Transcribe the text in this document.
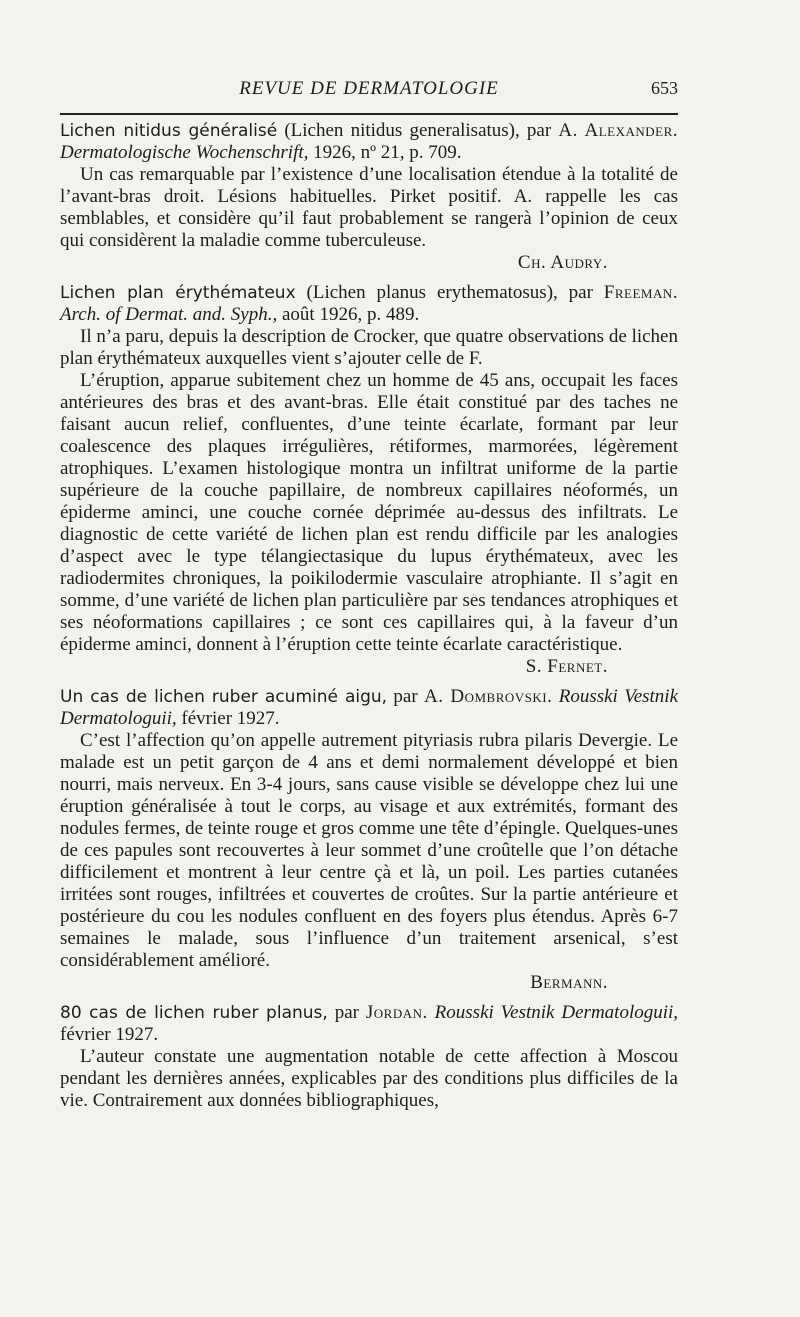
REVUE DE DERMATOLOGIE	653

Lichen nitidus généralisé (Lichen nitidus generalisatus), par A. Alexander. Dermatologische Wochenschrift, 1926, nº 21, p. 709.

Un cas remarquable par l’existence d’une localisation étendue à la totalité de l’avant-bras droit. Lésions habituelles. Pirket positif. A. rappelle les cas semblables, et considère qu’il faut probablement se rangerà l’opinion de ceux qui considèrent la maladie comme tuberculeuse.

Ch. Audry.

Lichen plan érythémateux (Lichen planus erythematosus), par Freeman. Arch. of Dermat. and. Syph., août 1926, p. 489.

Il n’a paru, depuis la description de Crocker, que quatre observations de lichen plan érythémateux auxquelles vient s’ajouter celle de F.

L’éruption, apparue subitement chez un homme de 45 ans, occupait les faces antérieures des bras et des avant-bras. Elle était constitué par des taches ne faisant aucun relief, confluentes, d’une teinte écarlate, formant par leur coalescence des plaques irrégulières, rétiformes, marmorées, légèrement atrophiques. L’examen histologique montra un infiltrat uniforme de la partie supérieure de la couche papillaire, de nombreux capillaires néoformés, un épiderme aminci, une couche cornée déprimée au-dessus des infiltrats. Le diagnostic de cette variété de lichen plan est rendu difficile par les analogies d’aspect avec le type télangiectasique du lupus érythémateux, avec les radiodermites chroniques, la poikilodermie vasculaire atrophiante. Il s’agit en somme, d’une variété de lichen plan particulière par ses tendances atrophiques et ses néoformations capillaires ; ce sont ces capillaires qui, à la faveur d’un épiderme aminci, donnent à l’éruption cette teinte écarlate caractéristique.

S. Fernet.

Un cas de lichen ruber acuminé aigu, par A. Dombrovski. Rousski Vestnik Dermatologuii, février 1927.

C’est l’affection qu’on appelle autrement pityriasis rubra pilaris Devergie. Le malade est un petit garçon de 4 ans et demi normalement développé et bien nourri, mais nerveux. En 3-4 jours, sans cause visible se développe chez lui une éruption généralisée à tout le corps, au visage et aux extrémités, formant des nodules fermes, de teinte rouge et gros comme une tête d’épingle. Quelques-unes de ces papules sont recouvertes à leur sommet d’une croûtelle que l’on détache difficilement et montrent à leur centre çà et là, un poil. Les parties cutanées irritées sont rouges, infiltrées et couvertes de croûtes. Sur la partie antérieure et postérieure du cou les nodules confluent en des foyers plus étendus. Après 6-7 semaines le malade, sous l’influence d’un traitement arsenical, s’est considérablement amélioré.

Bermann.

80 cas de lichen ruber planus, par Jordan. Rousski Vestnik Dermatologuii, février 1927.

L’auteur constate une augmentation notable de cette affection à Moscou pendant les dernières années, explicables par des conditions plus difficiles de la vie. Contrairement aux données bibliographiques,
